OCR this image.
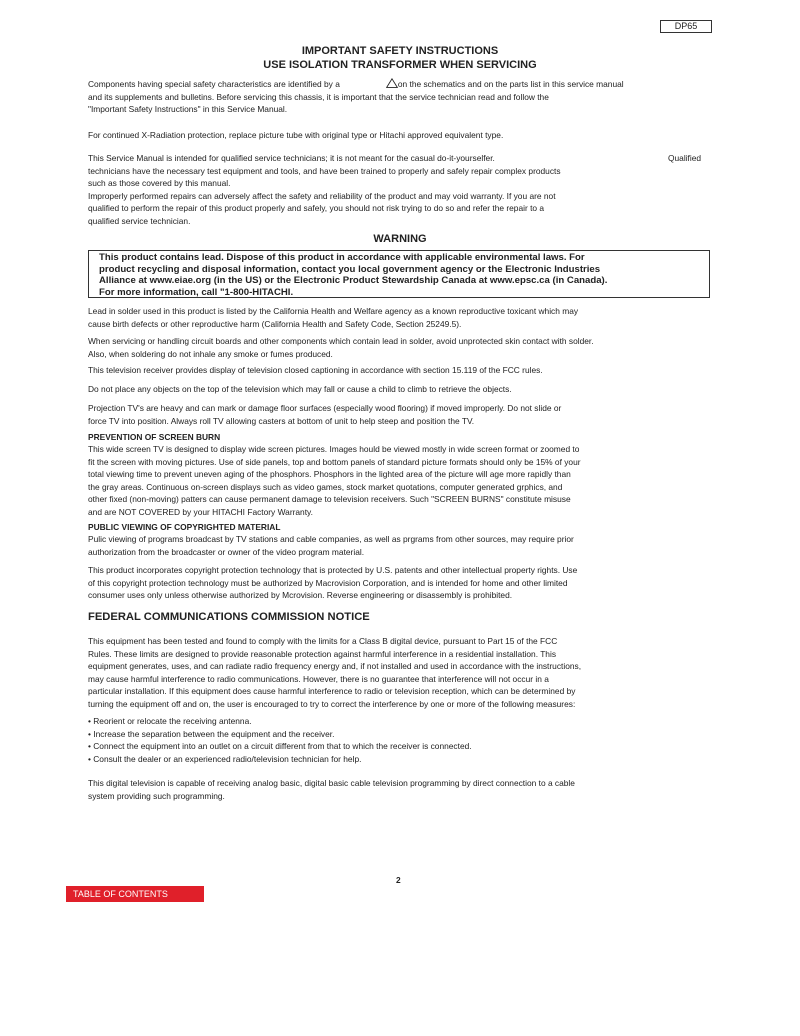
DP65
IMPORTANT SAFETY INSTRUCTIONS
USE ISOLATION TRANSFORMER WHEN SERVICING
Components having special safety characteristics are identified by a	on the schematics and on the parts list in this service manual
and its supplements and bulletins. Before servicing this chassis, it is important that the service technician read and follow the
"Important Safety Instructions" in this Service Manual.
For continued X-Radiation protection, replace picture tube with original type or Hitachi approved equivalent type.
This Service Manual is intended for qualified service technicians; it is not meant for the casual do-it-yourselfer.
technicians have the necessary test equipment and tools, and have been trained to properly and safely repair complex products
such as those covered by this manual.
Improperly performed repairs can adversely affect the safety and reliability of the product and may void warranty. If you are not
qualified to perform the repair of this product properly and safely, you should not risk trying to do so and refer the repair to a
qualified service technician.
Qualified
WARNING
This product contains lead. Dispose of this product in accordance with applicable environmental laws. For
product recycling and disposal information, contact you local government agency or the Electronic Industries
Alliance at www.eiae.org (in the US) or the Electronic Product Stewardship Canada at www.epsc.ca (in Canada).
For more information, call "1-800-HITACHI.
Lead in solder used in this product is listed by the California Health and Welfare agency as a known reproductive toxicant which may
cause birth defects or other reproductive harm (California Health and Safety Code, Section 25249.5).
When servicing or handling circuit boards and other components which contain lead in solder, avoid unprotected skin contact with solder.
Also, when soldering do not inhale any smoke or fumes produced.
This television receiver provides display of television closed captioning in accordance with section 15.119 of the FCC rules.
Do not place any objects on the top of the television which may fall or cause a child to climb to retrieve the objects.
Projection TV's are heavy and can mark or damage floor surfaces (especially wood flooring) if moved improperly. Do not slide or
force TV into position. Always roll TV allowing casters at bottom of unit to help steep and position the TV.
PREVENTION OF SCREEN BURN
This wide screen TV is designed to display wide screen pictures. Images hould be viewed mostly in wide screen format or zoomed to
fit the screen with moving pictures. Use of side panels, top and bottom panels of standard picture formats should only be 15% of your
total viewing time to prevent uneven aging of the phosphors. Phosphors in the lighted area of the picture will age more rapidly than
the gray areas. Continuous on-screen displays such as video games, stock market quotations, computer generated grphics, and
other fixed (non-moving) patters can cause permanent damage to television receivers. Such "SCREEN BURNS" constitute misuse
and are NOT COVERED by your HITACHI Factory Warranty.
PUBLIC VIEWING OF COPYRIGHTED MATERIAL
Pulic viewing of programs broadcast by TV stations and cable companies, as well as prgrams from other sources, may require prior
authorization from the broadcaster or owner of the video program material.
This product incorporates copyright protection technology that is protected by U.S. patents and other intellectual property rights. Use
of this copyright protection technology must be authorized by Macrovision Corporation, and is intended for home and other limited
consumer uses only unless otherwise authorized by Mcrovision. Reverse engineering or disassembly is prohibited.
FEDERAL COMMUNICATIONS COMMISSION NOTICE
This equipment has been tested and found to comply with the limits for a Class B digital device, pursuant to Part 15 of the FCC
Rules. These limits are designed to provide reasonable protection against harmful interference in a residential installation. This
equipment generates, uses, and can radiate radio frequency energy and, if not installed and used in accordance with the instructions,
may cause harmful interference to radio communications. However, there is no guarantee that interference will not occur in a
particular installation. If this equipment does cause harmful interference to radio or television reception, which can be determined by
turning the equipment off and on, the user is encouraged to try to correct the interference by one or more of the following measures:
• Reorient or relocate the receiving antenna.
• Increase the separation between the equipment and the receiver.
• Connect the equipment into an outlet on a circuit different from that to which the receiver is connected.
• Consult the dealer or an experienced radio/television technician for help.
This digital television is capable of receiving analog basic, digital basic cable television programming by direct connection to a cable
system providing such programming.
2
TABLE OF CONTENTS
